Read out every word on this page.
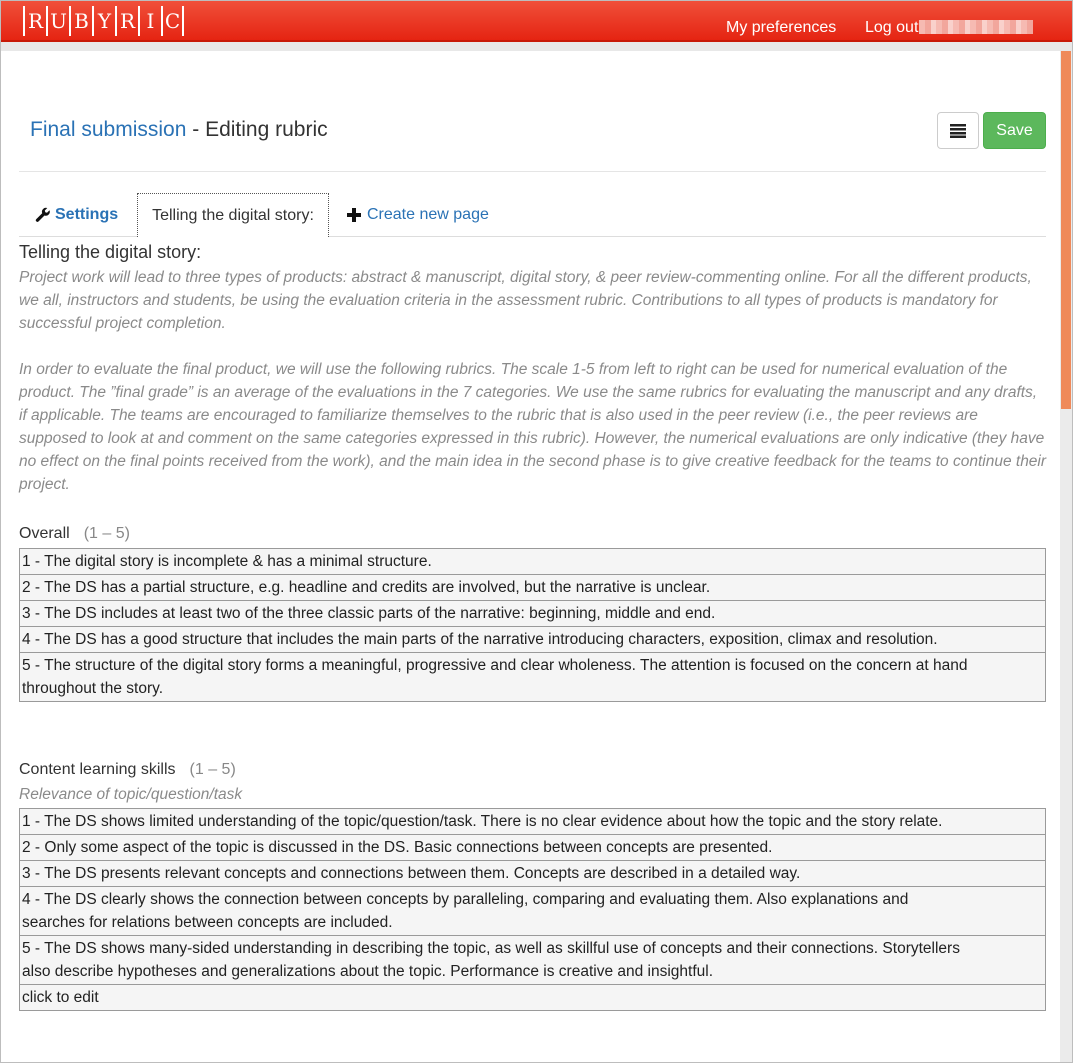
R U B Y R I C	My preferences Log out
Final submission - Editing rubric	Save
Settings	Telling the digital story:	Create new page
Telling the digital story:

Project work will lead to three types of products: abstract & manuscript, digital story, & peer review-commenting online. For all the different products, we all, instructors and students, be using the evaluation criteria in the assessment rubric. Contributions to all types of products is mandatory for successful project completion.

In order to evaluate the final product, we will use the following rubrics. The scale 1-5 from left to right can be used for numerical evaluation of the product. The ”final grade” is an average of the evaluations in the 7 categories. We use the same rubrics for evaluating the manuscript and any drafts, if applicable. The teams are encouraged to familiarize themselves to the rubric that is also used in the peer review (i.e., the peer reviews are supposed to look at and comment on the same categories expressed in this rubric). However, the numerical evaluations are only indicative (they have no effect on the final points received from the work), and the main idea in the second phase is to give creative feedback for the teams to continue their project.

Overall (1 – 5)
1 - The digital story is incomplete & has a minimal structure.
2 - The DS has a partial structure, e.g. headline and credits are involved, but the narrative is unclear.
3 - The DS includes at least two of the three classic parts of the narrative: beginning, middle and end.
4 - The DS has a good structure that includes the main parts of the narrative introducing characters, exposition, climax and resolution.
5 - The structure of the digital story forms a meaningful, progressive and clear wholeness. The attention is focused on the concern at hand throughout the story.
Content learning skills (1 – 5)
Relevance of topic/question/task
1 - The DS shows limited understanding of the topic/question/task. There is no clear evidence about how the topic and the story relate.
2 - Only some aspect of the topic is discussed in the DS. Basic connections between concepts are presented.
3 - The DS presents relevant concepts and connections between them. Concepts are described in a detailed way.
4 - The DS clearly shows the connection between concepts by paralleling, comparing and evaluating them. Also explanations and searches for relations between concepts are included.
5 - The DS shows many-sided understanding in describing the topic, as well as skillful use of concepts and their connections. Storytellers also describe hypotheses and generalizations about the topic. Performance is creative and insightful.
click to edit
